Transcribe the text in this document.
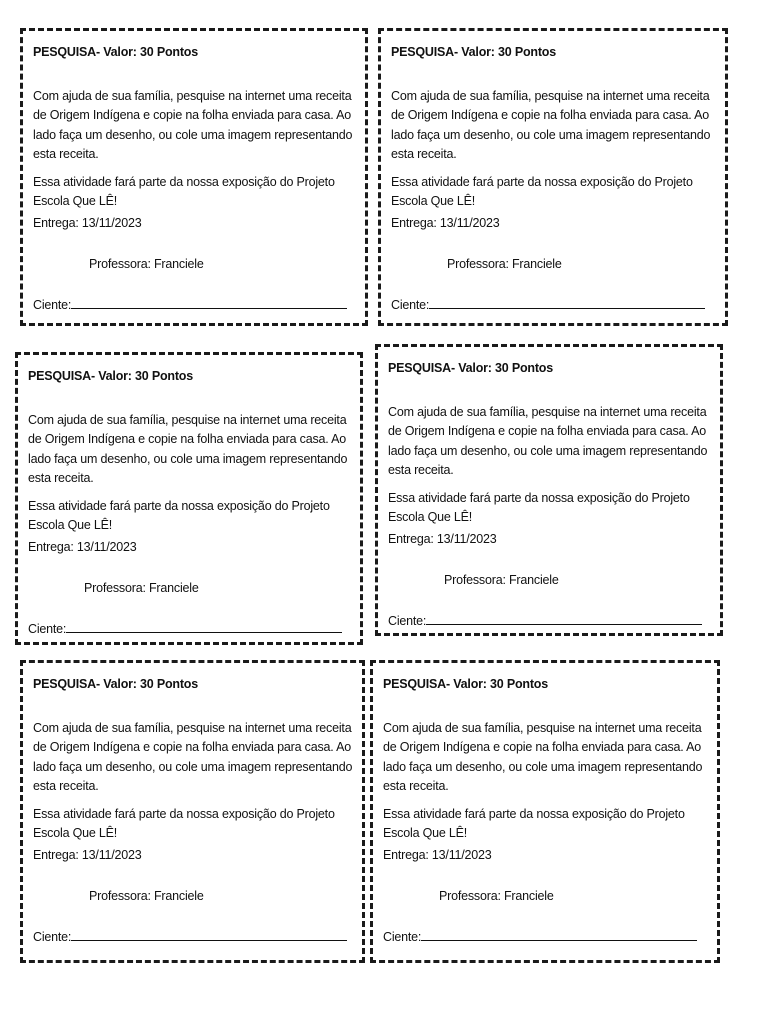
PESQUISA- Valor: 30 Pontos
Com ajuda de sua família, pesquise na internet uma receita de Origem Indígena e copie na folha enviada para casa. Ao lado faça um desenho, ou cole uma imagem representando esta receita.
Essa atividade fará parte da nossa exposição do Projeto Escola Que LÊ!
Entrega: 13/11/2023
Professora: Franciele
Ciente:
PESQUISA- Valor: 30 Pontos
Com ajuda de sua família, pesquise na internet uma receita de Origem Indígena e copie na folha enviada para casa. Ao lado faça um desenho, ou cole uma imagem representando esta receita.
Essa atividade fará parte da nossa exposição do Projeto Escola Que LÊ!
Entrega: 13/11/2023
Professora: Franciele
Ciente:
PESQUISA- Valor: 30 Pontos
Com ajuda de sua família, pesquise na internet uma receita de Origem Indígena e copie na folha enviada para casa. Ao lado faça um desenho, ou cole uma imagem representando esta receita.
Essa atividade fará parte da nossa exposição do Projeto Escola Que LÊ!
Entrega: 13/11/2023
Professora: Franciele
Ciente:
PESQUISA- Valor: 30 Pontos
Com ajuda de sua família, pesquise na internet uma receita de Origem Indígena e copie na folha enviada para casa. Ao lado faça um desenho, ou cole uma imagem representando esta receita.
Essa atividade fará parte da nossa exposição do Projeto Escola Que LÊ!
Entrega: 13/11/2023
Professora: Franciele
Ciente:
PESQUISA- Valor: 30 Pontos
Com ajuda de sua família, pesquise na internet uma receita de Origem Indígena e copie na folha enviada para casa. Ao lado faça um desenho, ou cole uma imagem representando esta receita.
Essa atividade fará parte da nossa exposição do Projeto Escola Que LÊ!
Entrega: 13/11/2023
Professora: Franciele
Ciente:
PESQUISA- Valor: 30 Pontos
Com ajuda de sua família, pesquise na internet uma receita de Origem Indígena e copie na folha enviada para casa. Ao lado faça um desenho, ou cole uma imagem representando esta receita.
Essa atividade fará parte da nossa exposição do Projeto Escola Que LÊ!
Entrega: 13/11/2023
Professora: Franciele
Ciente:
